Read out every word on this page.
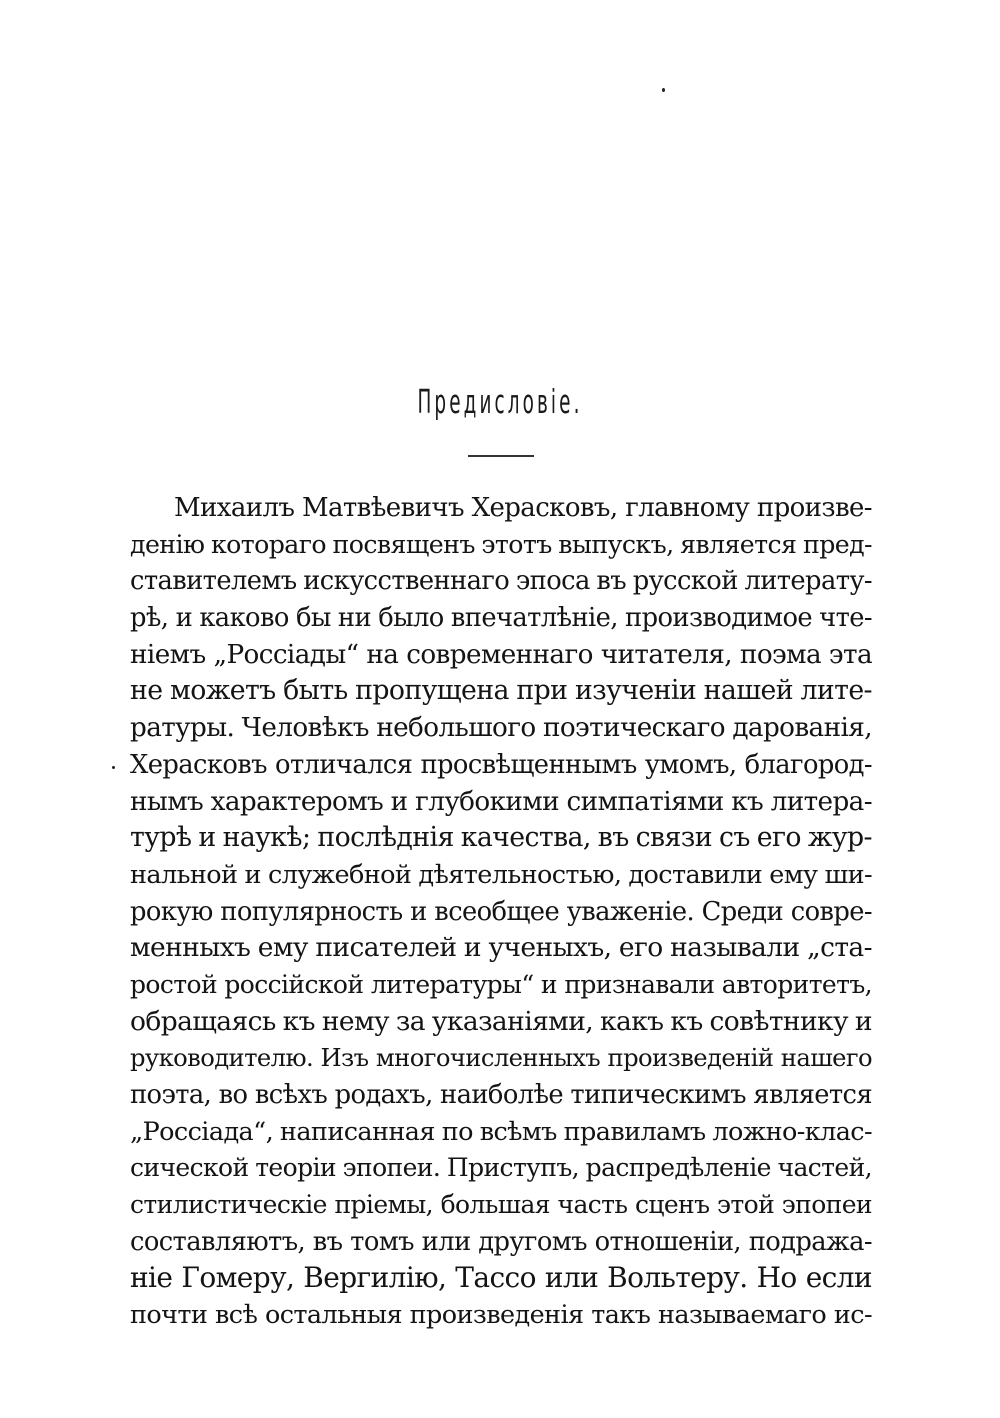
Предисловіе.
Михаилъ Матвѣевичъ Херасковъ, главному произве-
денію котораго посвященъ этотъ выпускъ, является пред-
ставителемъ искусственнаго эпоса въ русской литерату-
рѣ, и каково бы ни было впечатлѣніе, производимое чте-
ніемъ „Россіады“ на современнаго читателя, поэма эта
не можетъ быть пропущена при изученіи нашей лите-
ратуры. Человѣкъ небольшого поэтическаго дарованія,
Херасковъ отличался просвѣщеннымъ умомъ, благород-
нымъ характеромъ и глубокими симпатіями къ литера-
турѣ и наукѣ; послѣднія качества, въ связи съ его жур-
нальной и служебной дѣятельностью, доставили ему ши-
рокую популярность и всеобщее уваженіе. Среди совре-
менныхъ ему писателей и ученыхъ, его называли „ста-
ростой россійской литературы“ и признавали авторитетъ,
обращаясь къ нему за указаніями, какъ къ совѣтнику и
руководителю. Изъ многочисленныхъ произведеній нашего
поэта, во всѣхъ родахъ, наиболѣе типическимъ является
„Россіада“, написанная по всѣмъ правиламъ ложно-клас-
сической теоріи эпопеи. Приступъ, распредѣленіе частей,
стилистическіе пріемы, большая часть сценъ этой эпопеи
составляютъ, въ томъ или другомъ отношеніи, подража-
ніе Гомеру, Вергилію, Тассо или Вольтеру. Но если
почти всѣ остальныя произведенія такъ называемаго ис-
